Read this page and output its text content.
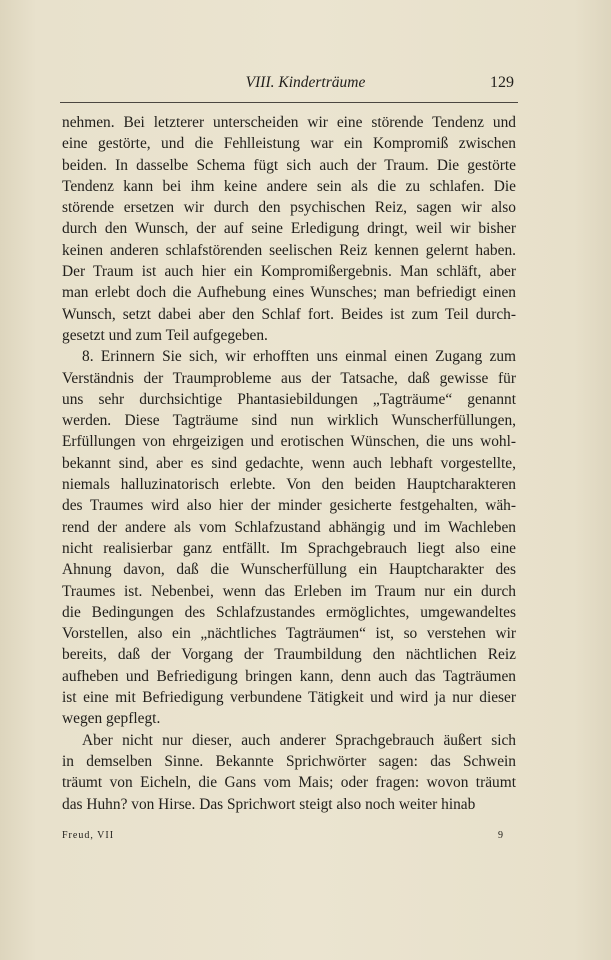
VIII. Kinderträume	129
nehmen. Bei letzterer unterscheiden wir eine störende Tendenz und
eine gestörte, und die Fehlleistung war ein Kompromiß zwischen
beiden. In dasselbe Schema fügt sich auch der Traum. Die gestörte
Tendenz kann bei ihm keine andere sein als die zu schlafen. Die
störende ersetzen wir durch den psychischen Reiz, sagen wir also
durch den Wunsch, der auf seine Erledigung dringt, weil wir bisher
keinen anderen schlafstörenden seelischen Reiz kennen gelernt haben.
Der Traum ist auch hier ein Kompromißergebnis. Man schläft, aber
man erlebt doch die Aufhebung eines Wunsches; man befriedigt einen
Wunsch, setzt dabei aber den Schlaf fort. Beides ist zum Teil durch-
gesetzt und zum Teil aufgegeben.
8. Erinnern Sie sich, wir erhofften uns einmal einen Zugang zum
Verständnis der Traumprobleme aus der Tatsache, daß gewisse für
uns sehr durchsichtige Phantasiebildungen „Tagträume“ genannt
werden. Diese Tagträume sind nun wirklich Wunscherfüllungen,
Erfüllungen von ehrgeizigen und erotischen Wünschen, die uns wohl-
bekannt sind, aber es sind gedachte, wenn auch lebhaft vorgestellte,
niemals halluzinatorisch erlebte. Von den beiden Hauptcharakteren
des Traumes wird also hier der minder gesicherte festgehalten, wäh-
rend der andere als vom Schlafzustand abhängig und im Wachleben
nicht realisierbar ganz entfällt. Im Sprachgebrauch liegt also eine
Ahnung davon, daß die Wunscherfüllung ein Hauptcharakter des
Traumes ist. Nebenbei, wenn das Erleben im Traum nur ein durch
die Bedingungen des Schlafzustandes ermöglichtes, umgewandeltes
Vorstellen, also ein „nächtliches Tagträumen“ ist, so verstehen wir
bereits, daß der Vorgang der Traumbildung den nächtlichen Reiz
aufheben und Befriedigung bringen kann, denn auch das Tagträumen
ist eine mit Befriedigung verbundene Tätigkeit und wird ja nur dieser
wegen gepflegt.
Aber nicht nur dieser, auch anderer Sprachgebrauch äußert sich
in demselben Sinne. Bekannte Sprichwörter sagen: das Schwein
träumt von Eicheln, die Gans vom Mais; oder fragen: wovon träumt
das Huhn? von Hirse. Das Sprichwort steigt also noch weiter hinab
Freud, VII	9
